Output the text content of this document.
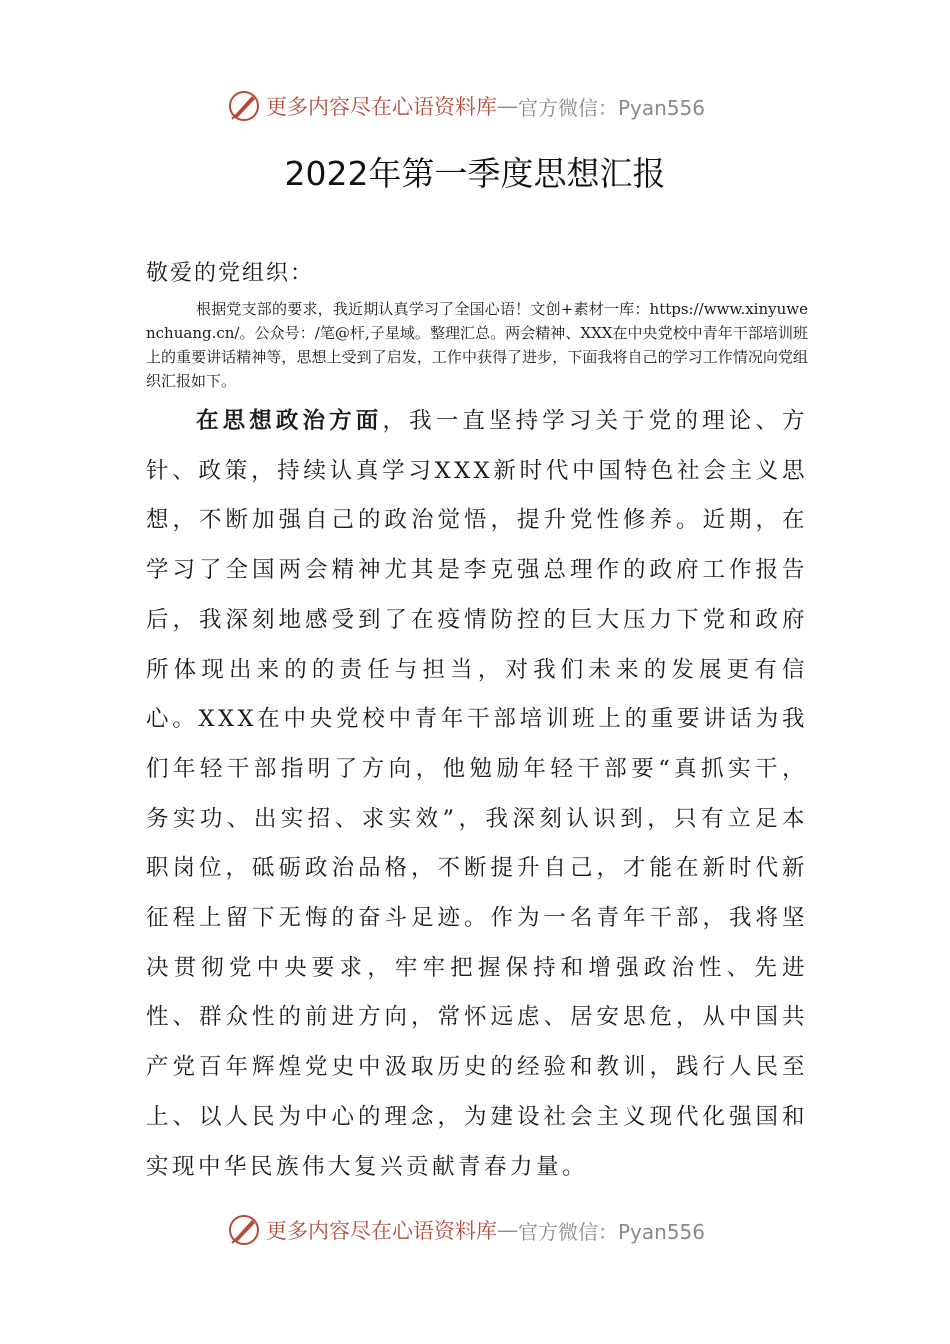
更多内容尽在心语资料库 — 官方微信：Pyan556
2022年第一季度思想汇报

敬爱的党组织：

根据党支部的要求，我近期认真学习了全国心语！文创+素材一库：https://www.xinyuwenchuang.cn/。公众号：/笔@杆,子星域。整理汇总。两会精神、XXX在中央党校中青年干部培训班上的重要讲话精神等，思想上受到了启发，工作中获得了进步，下面我将自己的学习工作情况向党组织汇报如下。

在思想政治方面，我一直坚持学习关于党的理论、方针、政策，持续认真学习XXX新时代中国特色社会主义思想，不断加强自己的政治觉悟，提升党性修养。近期，在学习了全国两会精神尤其是李克强总理作的政府工作报告后，我深刻地感受到了在疫情防控的巨大压力下党和政府所体现出来的的责任与担当，对我们未来的发展更有信心。XXX在中央党校中青年干部培训班上的重要讲话为我们年轻干部指明了方向，他勉励年轻干部要“真抓实干，务实功、出实招、求实效”，我深刻认识到，只有立足本职岗位，砥砺政治品格，不断提升自己，才能在新时代新征程上留下无悔的奋斗足迹。作为一名青年干部，我将坚决贯彻党中央要求，牢牢把握保持和增强政治性、先进性、群众性的前进方向，常怀远虑、居安思危，从中国共产党百年辉煌党史中汲取历史的经验和教训，践行人民至上、以人民为中心的理念，为建设社会主义现代化强国和实现中华民族伟大复兴贡献青春力量。

更多内容尽在心语资料库 — 官方微信：Pyan556
